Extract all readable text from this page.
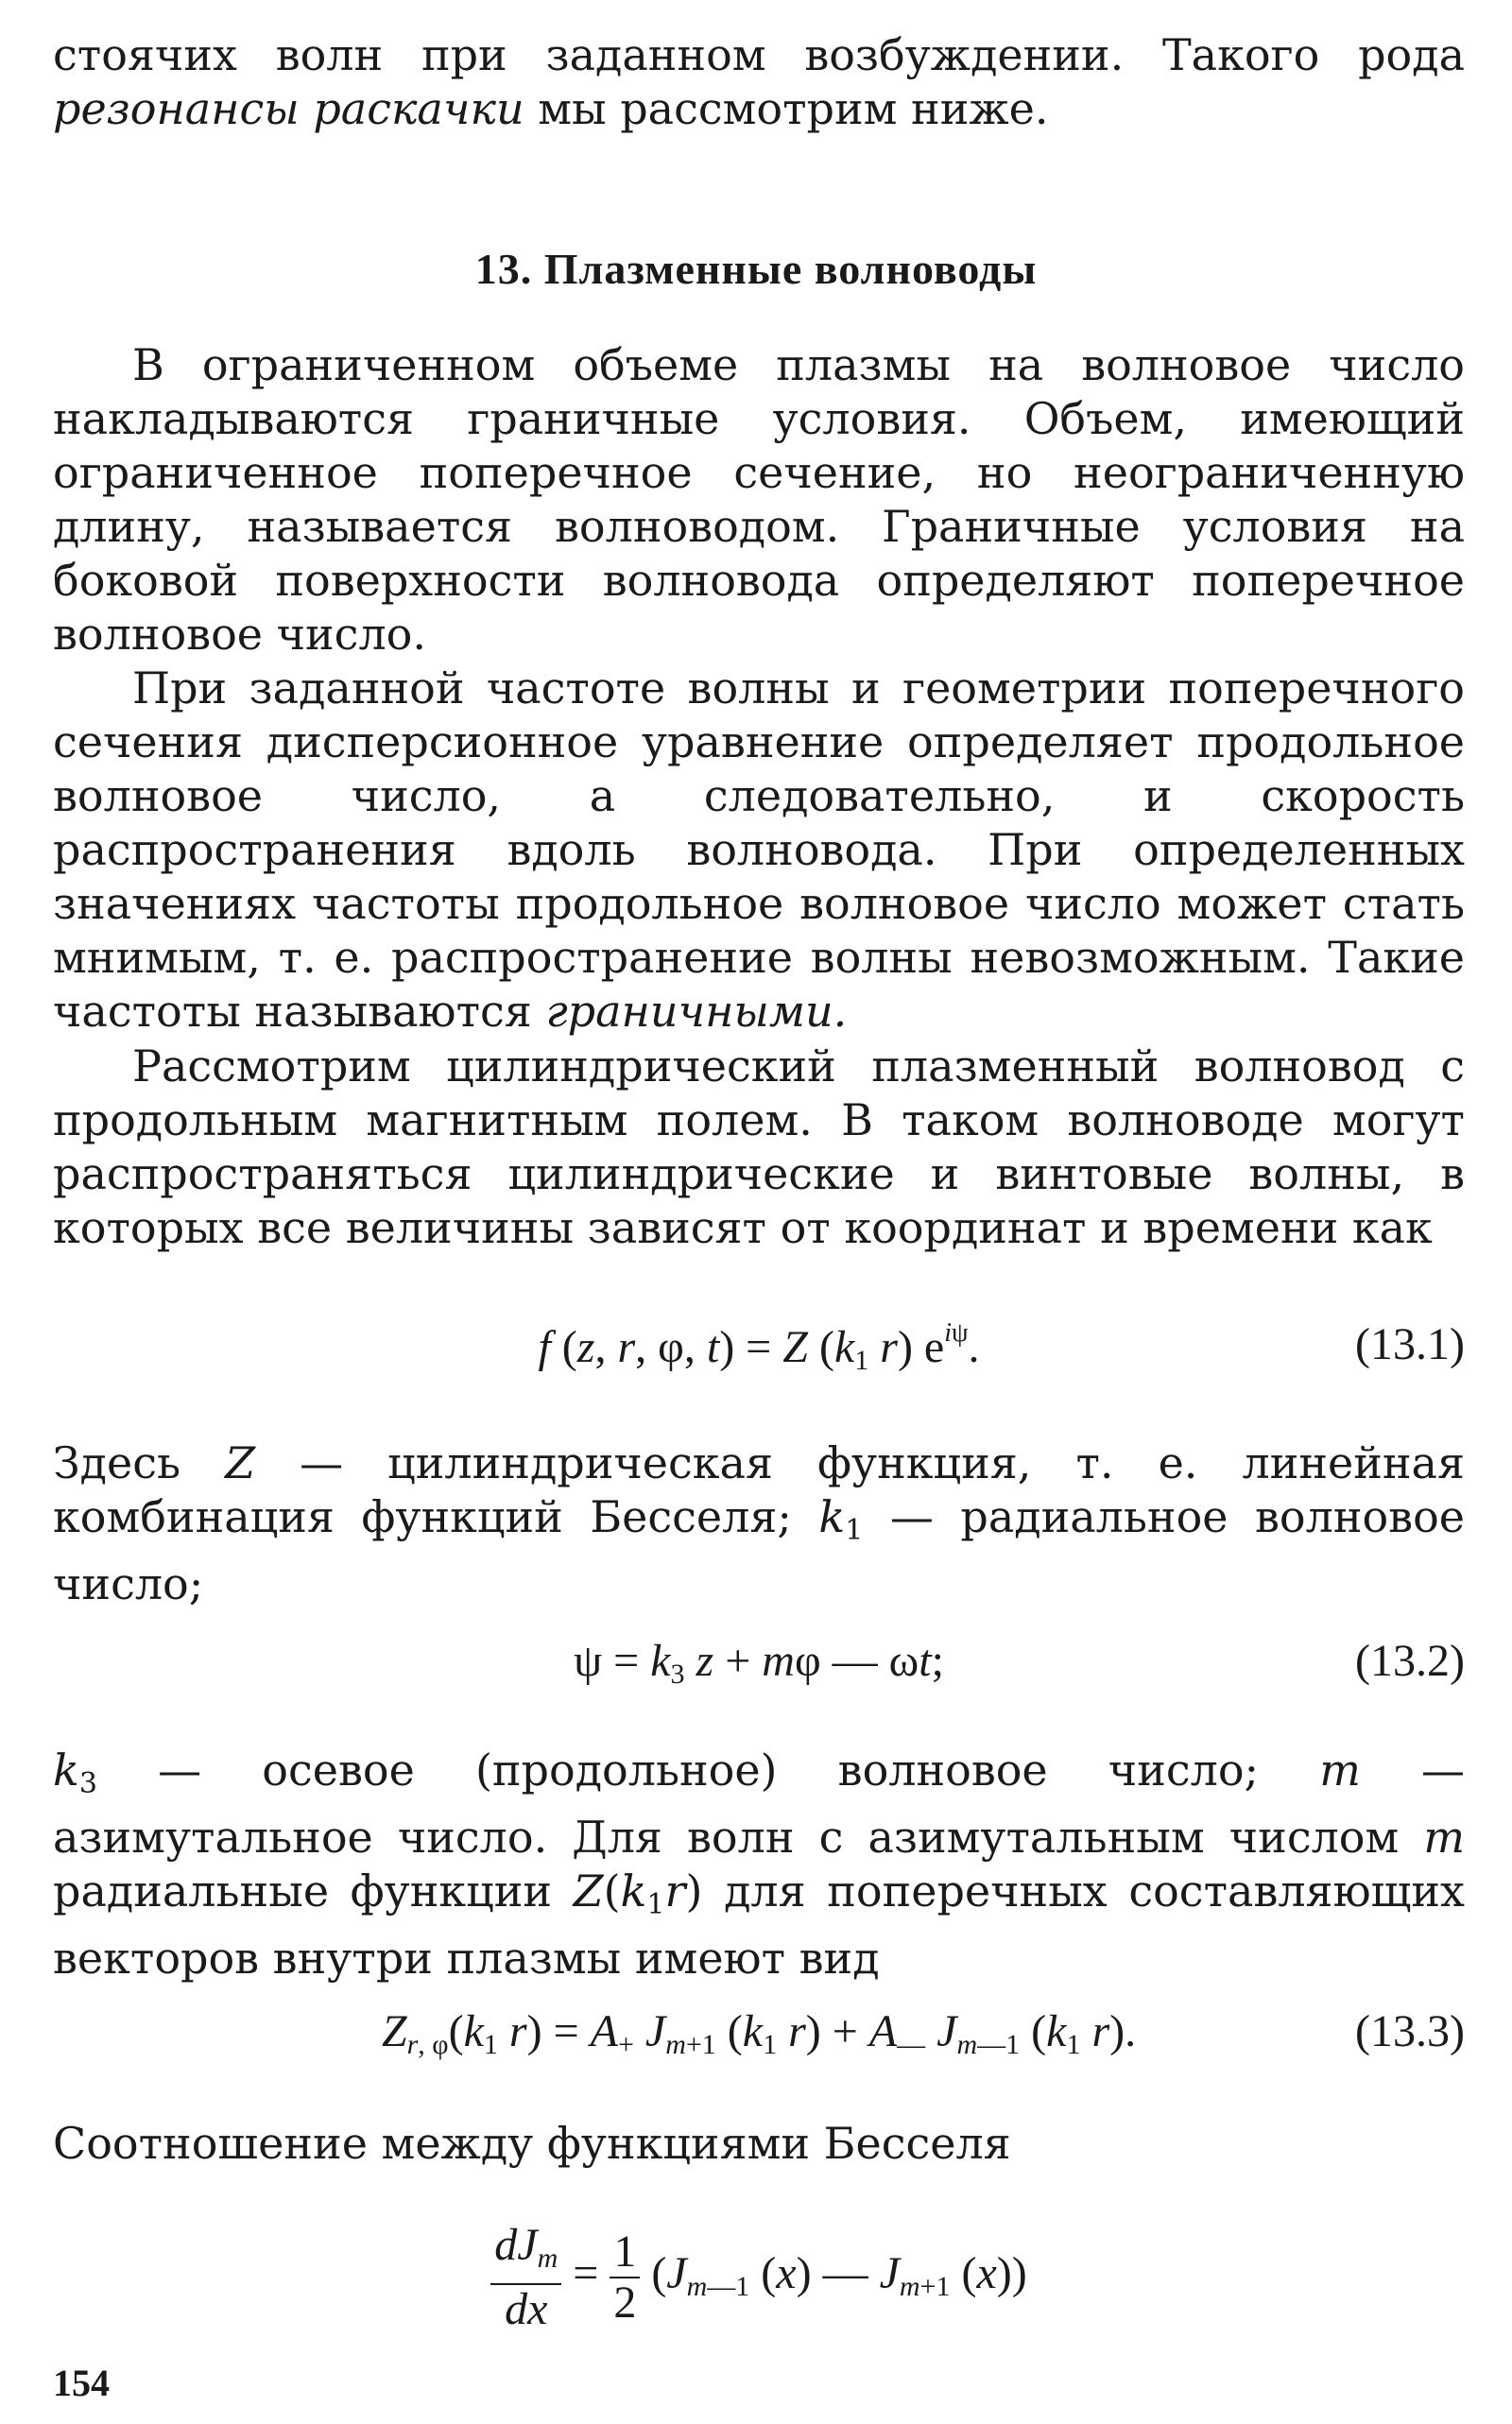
стоячих волн при заданном возбуждении. Такого рода резонансы раскачки мы рассмотрим ниже.

13. Плазменные волноводы

В ограниченном объеме плазмы на волновое число накладываются граничные условия. Объем, имеющий ограниченное поперечное сечение, но неограниченную длину, называется волноводом. Граничные условия на боковой поверхности волновода определяют поперечное волновое число.

При заданной частоте волны и геометрии поперечного сечения дисперсионное уравнение определяет продольное волновое число, а следовательно, и скорость распространения вдоль волновода. При определенных значениях частоты продольное волновое число может стать мнимым, т. е. распространение волны невозможным. Такие частоты называются граничными.

Рассмотрим цилиндрический плазменный волновод с продольным магнитным полем. В таком волноводе могут распространяться цилиндрические и винтовые волны, в которых все величины зависят от координат и времени как

f (z, r, φ, t) = Z ($k_1$ r) $e^{i\psi}$.	(13.1)

Здесь Z — цилиндрическая функция, т. е. линейная комбинация функций Бесселя; $k_1$ — радиальное волновое число;

$\psi = k_3$ z + mφ — ωt;	(13.2)

$k_3$ — осевое (продольное) волновое число; m — азимутальное число. Для волн с азимутальным числом m радиальные функции $Z(k_1r)$ для поперечных составляющих векторов внутри плазмы имеют вид

$Z_{r, \varphi}(k_1$ $r) = A_+$ $J_{m+1}$ ($k_1$ $r) + A_—$ $J_{m—1}$ ($k_1$ r).	(13.3)

Соотношение между функциями Бесселя

$\frac{dJ_m}{dx} = \frac{1}{2} (J_{m—1}$ (x) — $J_{m+1}$ (x))
154
